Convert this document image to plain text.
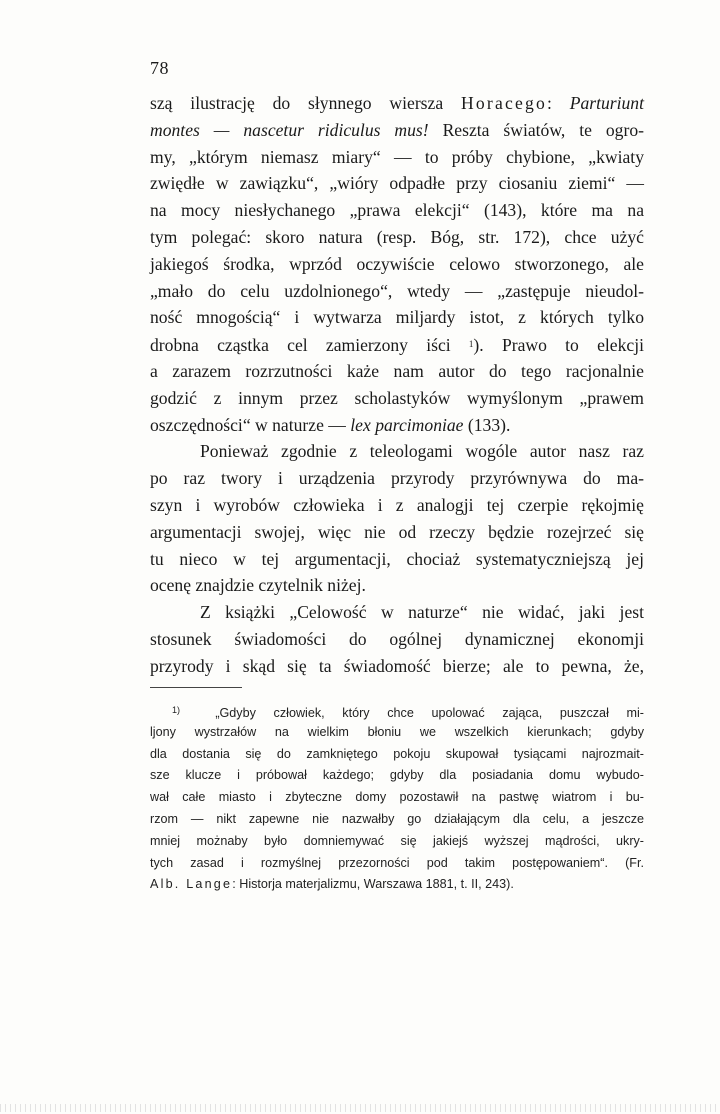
78
szą ilustrację do słynnego wiersza Horacego: Parturiunt
montes — nascetur ridiculus mus! Reszta światów, te ogro-
my, „którym niemasz miary“ — to próby chybione, „kwiaty
zwiędłe w zawiązku“, „wióry odpadłe przy ciosaniu ziemi“ —
na mocy niesłychanego „prawa elekcji“ (143), które ma na
tym polegać: skoro natura (resp. Bóg, str. 172), chce użyć
jakiegoś środka, wprzód oczywiście celowo stworzonego, ale
„mało do celu uzdolnionego“, wtedy — „zastępuje nieudol-
ność mnogością“ i wytwarza miljardy istot, z których tylko
drobna cząstka cel zamierzony iści $^1$). Prawo to elekcji
a zarazem rozrzutności każe nam autor do tego racjonalnie
godzić z innym przez scholastyków wymyślonym „prawem
oszczędności“ w naturze — lex parcimoniae (133).
Ponieważ zgodnie z teleologami wogóle autor nasz raz
po raz twory i urządzenia przyrody przyrównywa do ma-
szyn i wyrobów człowieka i z analogji tej czerpie rękojmię
argumentacji swojej, więc nie od rzeczy będzie rozejrzeć się
tu nieco w tej argumentacji, chociaż systematyczniejszą jej
ocenę znajdzie czytelnik niżej.
Z książki „Celowość w naturze“ nie widać, jaki jest
stosunek świadomości do ogólnej dynamicznej ekonomji
przyrody i skąd się ta świadomość bierze; ale to pewna, że,
$^{1)}$	„Gdyby człowiek, który chce upolować zająca, puszczał mi-
ljony wystrzałów na wielkim błoniu we wszelkich kierunkach; gdyby
dla dostania się do zamkniętego pokoju skupował tysiącami najrozmait-
sze klucze i próbował każdego; gdyby dla posiadania domu wybudo-
wał całe miasto i zbyteczne domy pozostawił na pastwę wiatrom i bu-
rzom — nikt zapewne nie nazwałby go działającym dla celu, a jeszcze
mniej możnaby było domniemywać się jakiejś wyższej mądrości, ukry-
tych zasad i rozmyślnej przezorności pod takim postępowaniem“. (Fr.
Alb. Lange: Historja materjalizmu, Warszawa 1881, t. II, 243).
